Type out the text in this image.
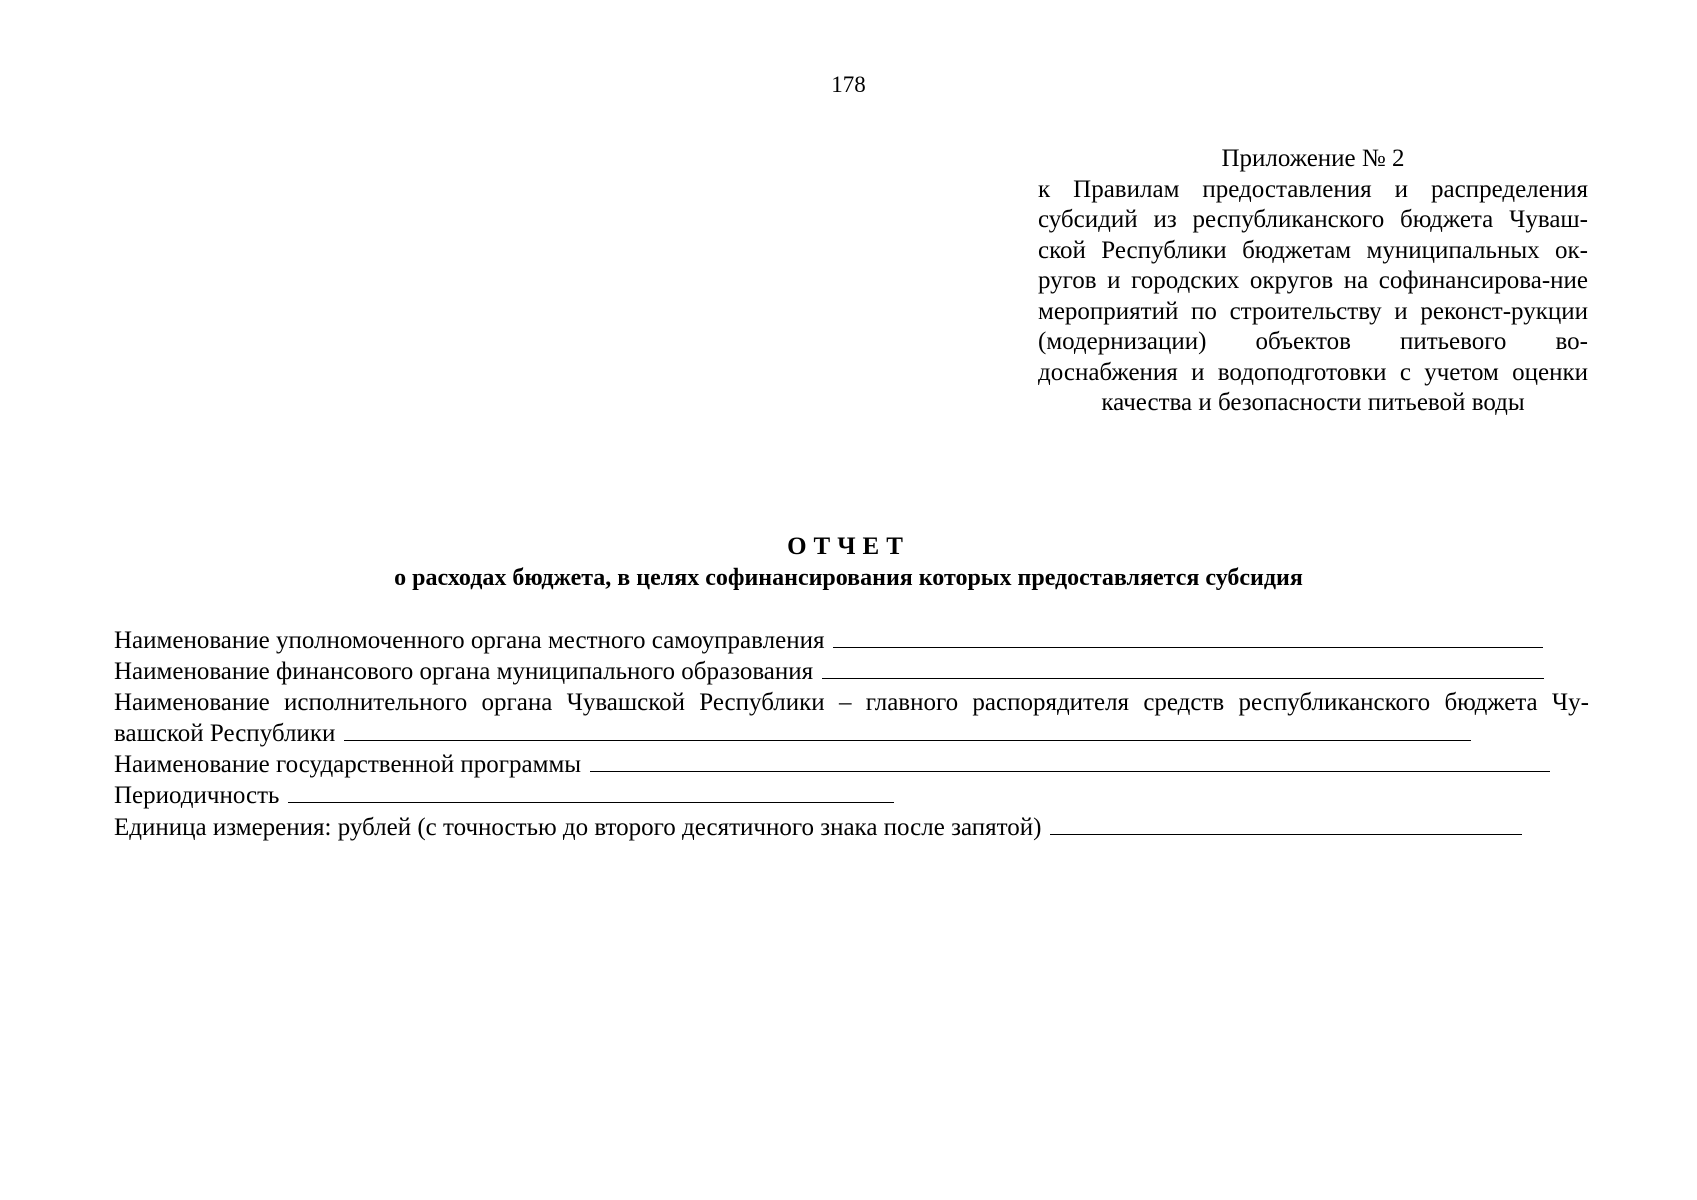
178
Приложение № 2
к Правилам предоставления и распределения субсидий из республиканского бюджета Чуваш-ской Республики бюджетам муниципальных ок-ругов и городских округов на софинансирова-ние мероприятий по строительству и реконст-рукции (модернизации) объектов питьевого во-доснабжения и водоподготовки с учетом оценки качества и безопасности питьевой воды
ОТЧЕТ
о расходах бюджета, в целях софинансирования которых предоставляется субсидия
Наименование уполномоченного органа местного самоуправления
Наименование финансового органа муниципального образования
Наименование исполнительного органа Чувашской Республики – главного распорядителя средств республиканского бюджета Чу-
вашской Республики
Наименование государственной программы
Периодичность
Единица измерения: рублей (с точностью до второго десятичного знака после запятой)
